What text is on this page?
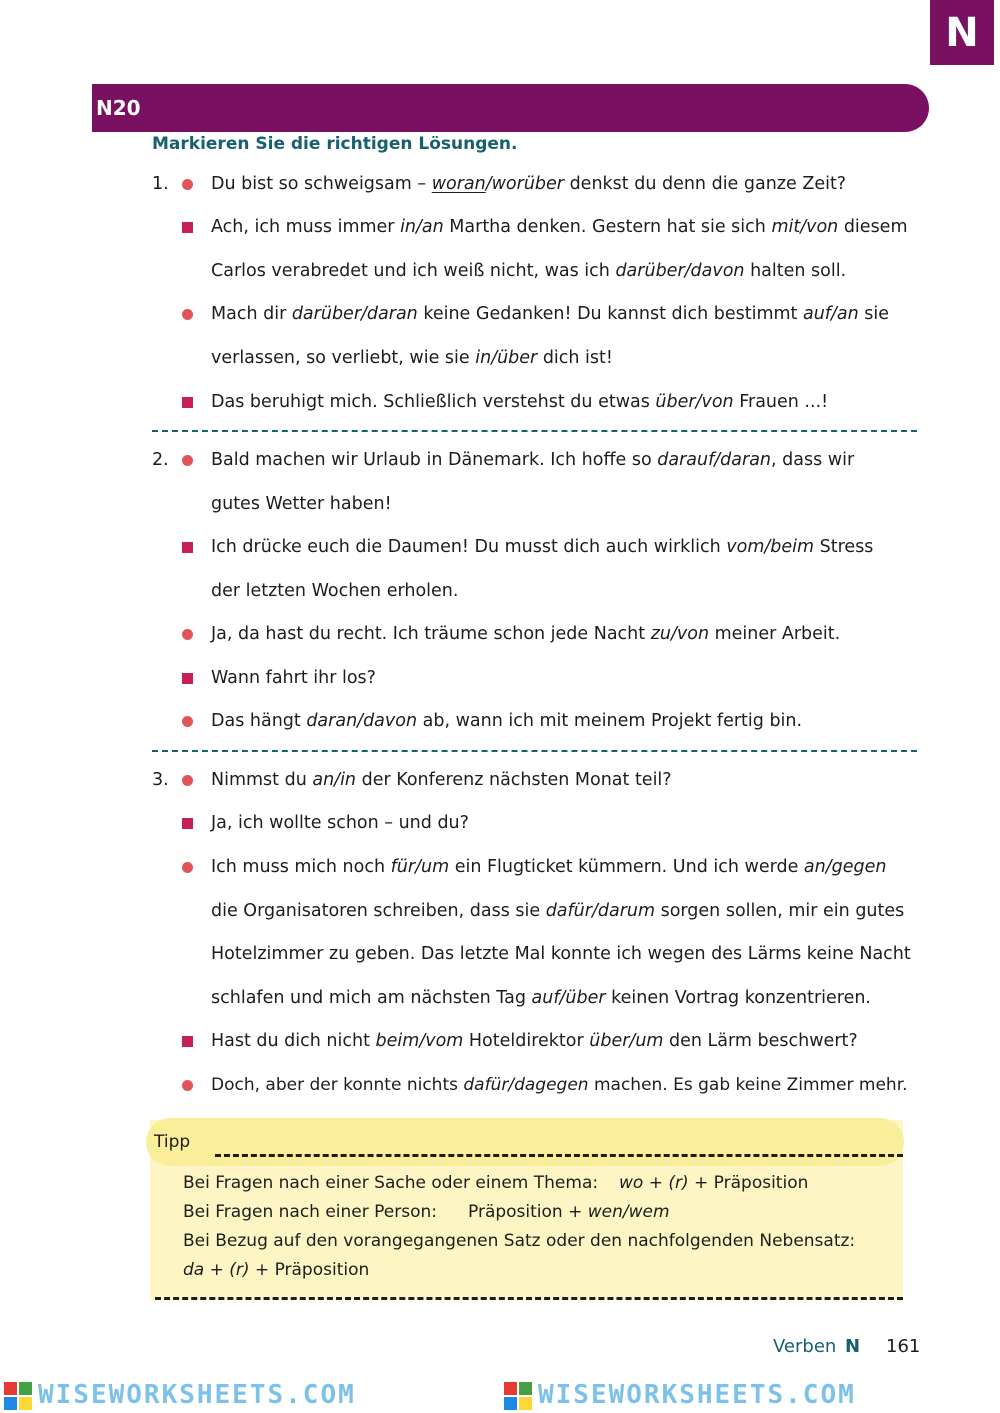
N
N20
Markieren Sie die richtigen Lösungen.
1. Du bist so schweigsam – woran/worüber denkst du denn die ganze Zeit?
Ach, ich muss immer in/an Martha denken. Gestern hat sie sich mit/von diesem
Carlos verabredet und ich weiß nicht, was ich darüber/davon halten soll.
Mach dir darüber/daran keine Gedanken! Du kannst dich bestimmt auf/an sie
verlassen, so verliebt, wie sie in/über dich ist!
Das beruhigt mich. Schließlich verstehst du etwas über/von Frauen ...!
2. Bald machen wir Urlaub in Dänemark. Ich hoffe so darauf/daran, dass wir
gutes Wetter haben!
Ich drücke euch die Daumen! Du musst dich auch wirklich vom/beim Stress
der letzten Wochen erholen.
Ja, da hast du recht. Ich träume schon jede Nacht zu/von meiner Arbeit.
Wann fahrt ihr los?
Das hängt daran/davon ab, wann ich mit meinem Projekt fertig bin.
3. Nimmst du an/in der Konferenz nächsten Monat teil?
Ja, ich wollte schon – und du?
Ich muss mich noch für/um ein Flugticket kümmern. Und ich werde an/gegen
die Organisatoren schreiben, dass sie dafür/darum sorgen sollen, mir ein gutes
Hotelzimmer zu geben. Das letzte Mal konnte ich wegen des Lärms keine Nacht
schlafen und mich am nächsten Tag auf/über keinen Vortrag konzentrieren.
Hast du dich nicht beim/vom Hoteldirektor über/um den Lärm beschwert?
Doch, aber der konnte nichts dafür/dagegen machen. Es gab keine Zimmer mehr.
Tipp
Bei Fragen nach einer Sache oder einem Thema: wo + (r) + Präposition
Bei Fragen nach einer Person: Präposition + wen/wem
Bei Bezug auf den vorangegangenen Satz oder den nachfolgenden Nebensatz:
da + (r) + Präposition
Verben N 161
WISEWORKSHEETS.COM	WISEWORKSHEETS.COM
